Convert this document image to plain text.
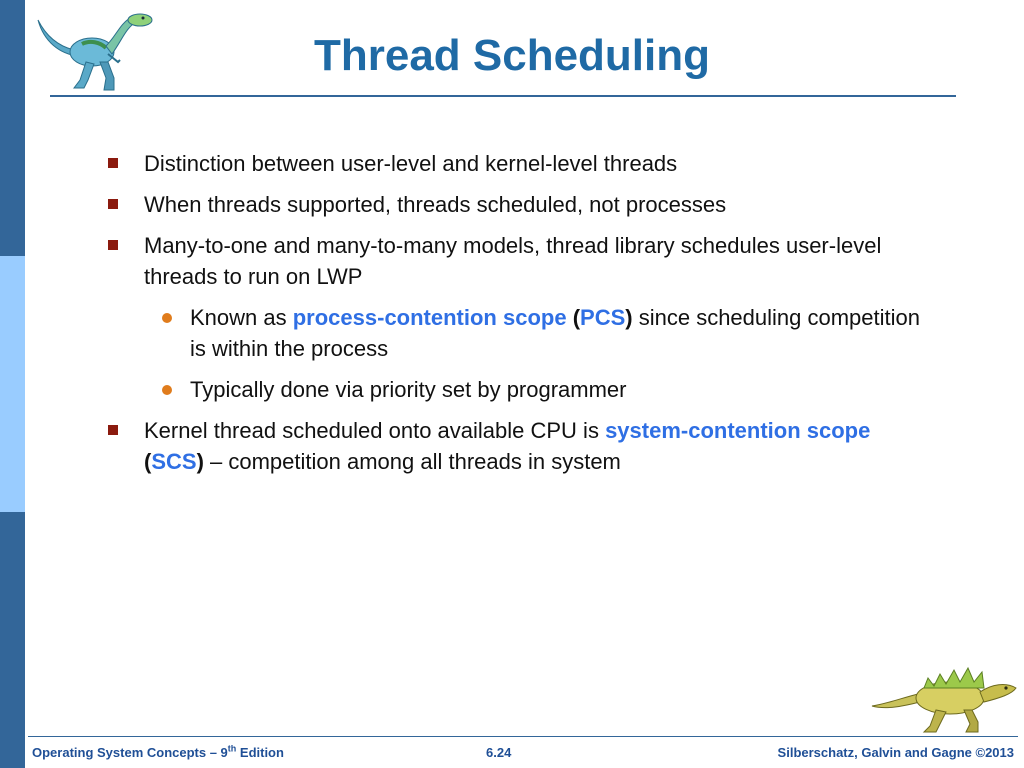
Thread Scheduling
Distinction between user-level and kernel-level threads
When threads supported, threads scheduled, not processes
Many-to-one and many-to-many models, thread library schedules user-level threads to run on LWP
Known as process-contention scope (PCS) since scheduling competition is within the process
Typically done via priority set by programmer
Kernel thread scheduled onto available CPU is system-contention scope (SCS) – competition among all threads in system
Operating System Concepts – 9th Edition	6.24	Silberschatz, Galvin and Gagne ©2013
